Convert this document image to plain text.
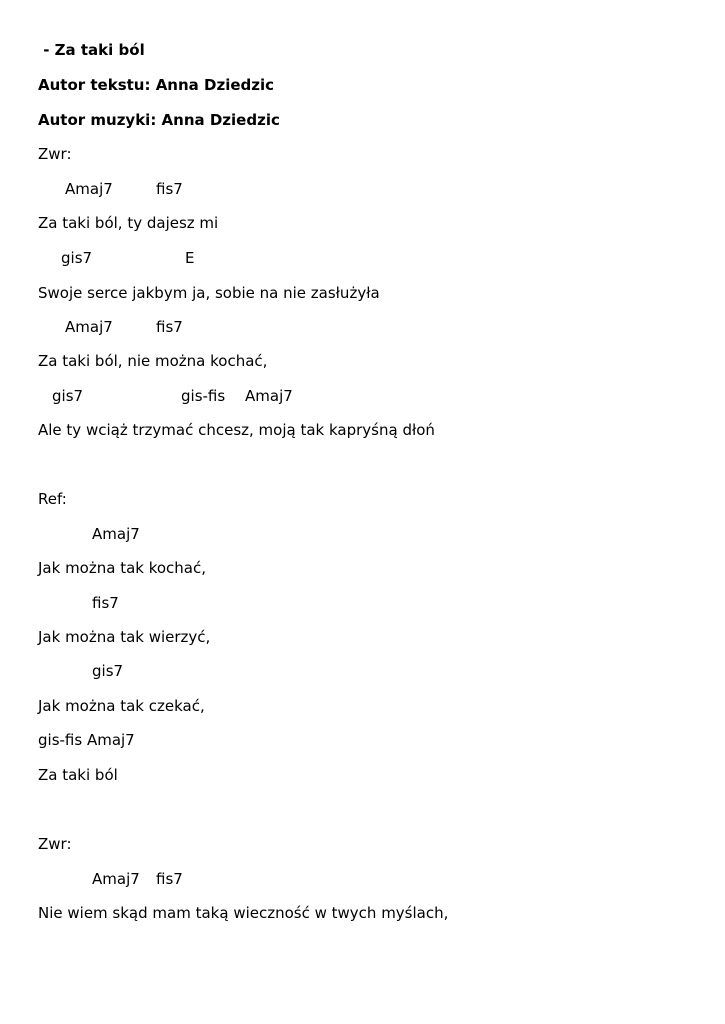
- Za taki ból
Autor tekstu: Anna Dziedzic
Autor muzyki: Anna Dziedzic
Zwr:
Amaj7	fis7
Za taki ból, ty dajesz mi
gis7	E
Swoje serce jakbym ja, sobie na nie zasłużyła
Amaj7	fis7
Za taki ból, nie można kochać,
gis7	gis-fis Amaj7
Ale ty wciąż trzymać chcesz, moją tak kapryśną dłoń
Ref:
Amaj7
Jak można tak kochać,
fis7
Jak można tak wierzyć,
gis7
Jak można tak czekać,
gis-fis Amaj7
Za taki ból
Zwr:
Amaj7 fis7
Nie wiem skąd mam taką wieczność w twych myślach,
